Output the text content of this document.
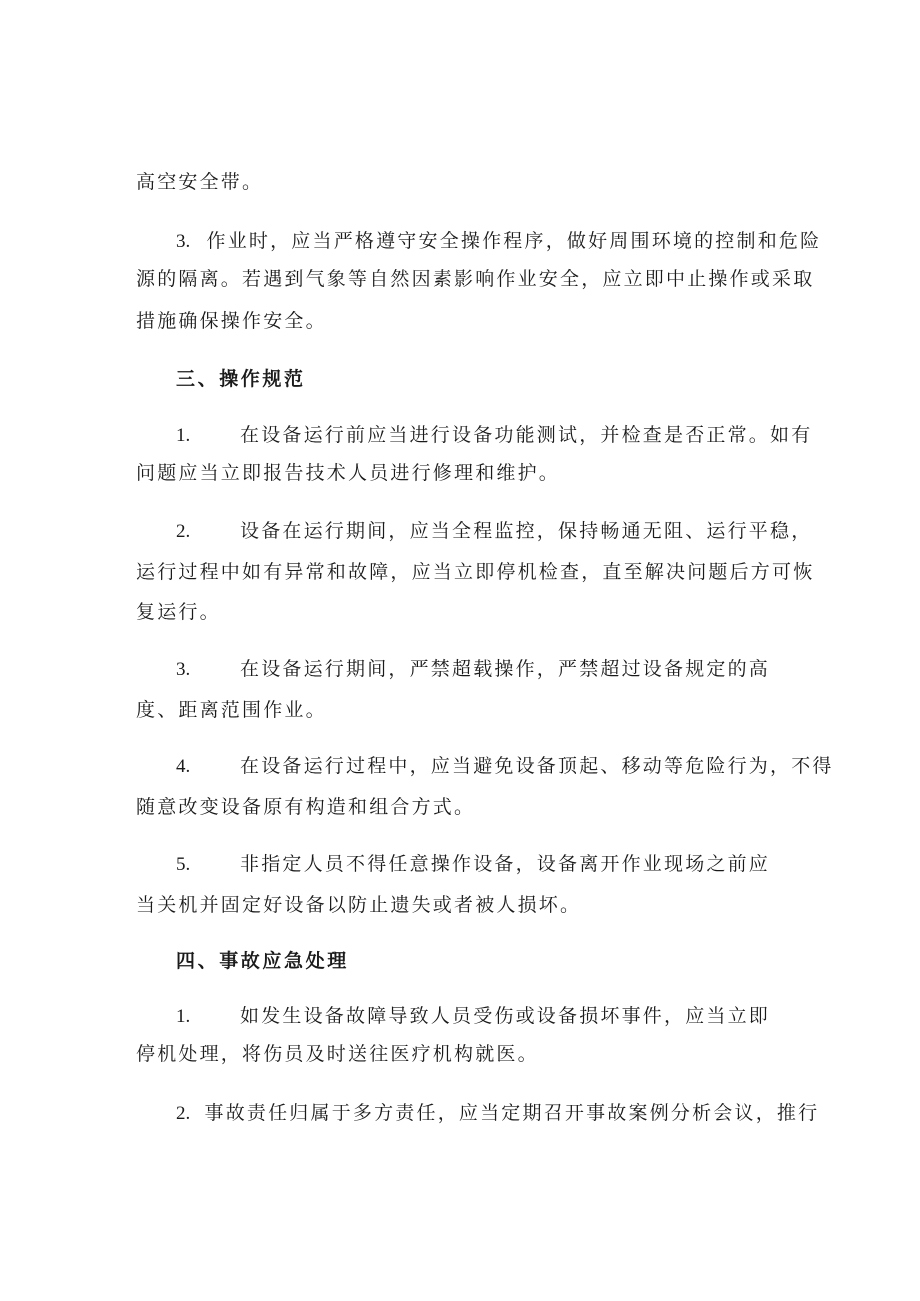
高空安全带。
3. 作业时，应当严格遵守安全操作程序，做好周围环境的控制和危险
源的隔离。若遇到气象等自然因素影响作业安全，应立即中止操作或采取
措施确保操作安全。
三、操作规范
1.	在设备运行前应当进行设备功能测试，并检查是否正常。如有
问题应当立即报告技术人员进行修理和维护。
2.	设备在运行期间，应当全程监控，保持畅通无阻、运行平稳，
运行过程中如有异常和故障，应当立即停机检查，直至解决问题后方可恢
复运行。
3.	在设备运行期间，严禁超载操作，严禁超过设备规定的高
度、距离范围作业。
4.	在设备运行过程中，应当避免设备顶起、移动等危险行为，不得
随意改变设备原有构造和组合方式。
5.	非指定人员不得任意操作设备，设备离开作业现场之前应
当关机并固定好设备以防止遗失或者被人损坏。
四、事故应急处理
1.	如发生设备故障导致人员受伤或设备损坏事件，应当立即
停机处理，将伤员及时送往医疗机构就医。
2. 事故责任归属于多方责任，应当定期召开事故案例分析会议，推行
